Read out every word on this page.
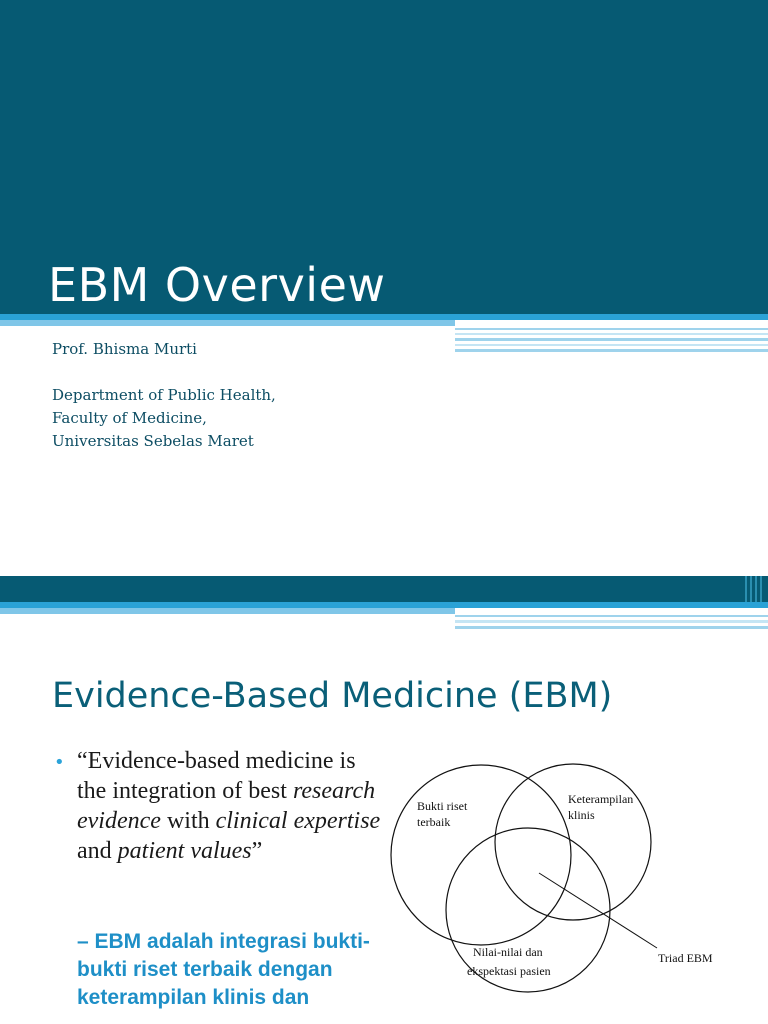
EBM Overview
Prof. Bhisma Murti
Department of Public Health,
Faculty of Medicine,
Universitas Sebelas Maret
Evidence-Based Medicine (EBM)
• “Evidence-based medicine is the integration of best research evidence with clinical expertise and patient values”
– EBM adalah integrasi bukti-bukti riset terbaik dengan keterampilan klinis dan
Bukti riset
terbaik
Keterampilan
klinis
Nilai-nilai dan
ekspektasi pasien
Triad EBM
